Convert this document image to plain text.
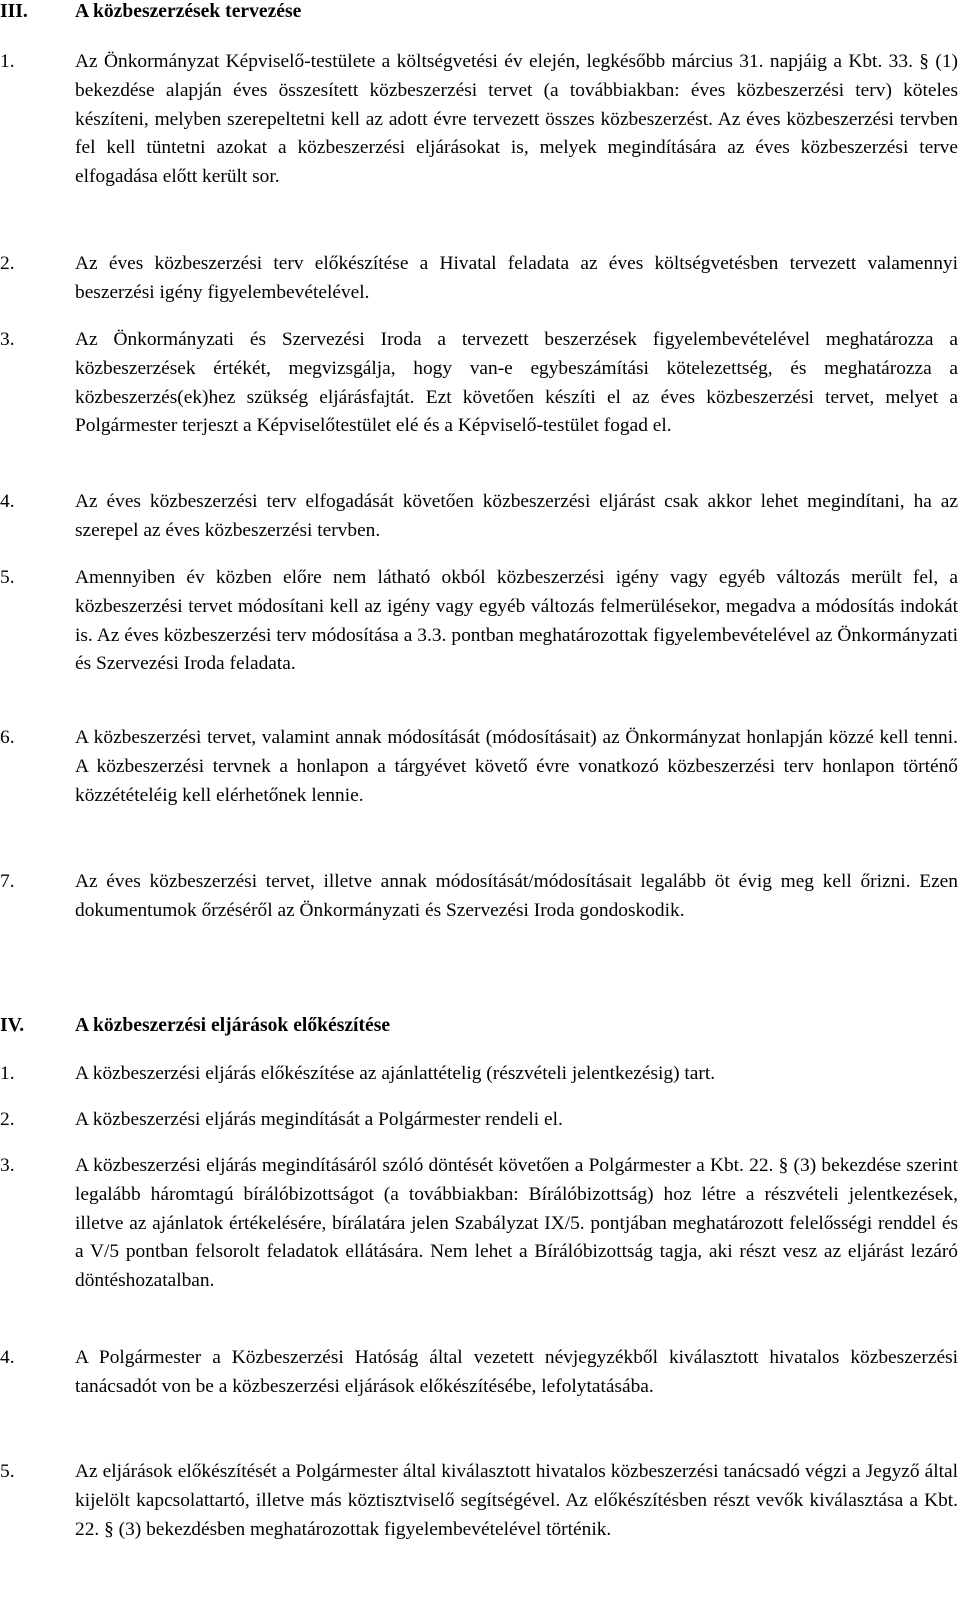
III. A közbeszerzések tervezése
1.	Az Önkormányzat Képviselő-testülete a költségvetési év elején, legkésőbb március 31. napjáig a Kbt. 33. § (1) bekezdése alapján éves összesített közbeszerzési tervet (a továbbiakban: éves közbeszerzési terv) köteles készíteni, melyben szerepeltetni kell az adott évre tervezett összes közbeszerzést. Az éves közbeszerzési tervben fel kell tüntetni azokat a közbeszerzési eljárásokat is, melyek megindítására az éves közbeszerzési terve elfogadása előtt került sor.
2.	Az éves közbeszerzési terv előkészítése a Hivatal feladata az éves költségvetésben tervezett valamennyi beszerzési igény figyelembevételével.
3.	Az Önkormányzati és Szervezési Iroda a tervezett beszerzések figyelembevételével meghatározza a közbeszerzések értékét, megvizsgálja, hogy van-e egybeszámítási kötelezettség, és meghatározza a közbeszerzés(ek)hez szükség eljárásfajtát. Ezt követően készíti el az éves közbeszerzési tervet, melyet a Polgármester terjeszt a Képviselőtestület elé és a Képviselő-testület fogad el.
4.	Az éves közbeszerzési terv elfogadását követően közbeszerzési eljárást csak akkor lehet megindítani, ha az szerepel az éves közbeszerzési tervben.
5.	Amennyiben év közben előre nem látható okból közbeszerzési igény vagy egyéb változás merült fel, a közbeszerzési tervet módosítani kell az igény vagy egyéb változás felmerülésekor, megadva a módosítás indokát is. Az éves közbeszerzési terv módosítása a 3.3. pontban meghatározottak figyelembevételével az Önkormányzati és Szervezési Iroda feladata.
6.	A közbeszerzési tervet, valamint annak módosítását (módosításait) az Önkormányzat honlapján közzé kell tenni. A közbeszerzési tervnek a honlapon a tárgyévet követő évre vonatkozó közbeszerzési terv honlapon történő közzétételéig kell elérhetőnek lennie.
7.	Az éves közbeszerzési tervet, illetve annak módosítását/módosításait legalább öt évig meg kell őrizni. Ezen dokumentumok őrzéséről az Önkormányzati és Szervezési Iroda gondoskodik.
IV.	A közbeszerzési eljárások előkészítése
1.	A közbeszerzési eljárás előkészítése az ajánlattételig (részvételi jelentkezésig) tart.
2.	A közbeszerzési eljárás megindítását a Polgármester rendeli el.
3.	A közbeszerzési eljárás megindításáról szóló döntését követően a Polgármester a Kbt. 22. § (3) bekezdése szerint legalább háromtagú bírálóbizottságot (a továbbiakban: Bírálóbizottság) hoz létre a részvételi jelentkezések, illetve az ajánlatok értékelésére, bírálatára jelen Szabályzat IX/5. pontjában meghatározott felelősségi renddel és a V/5 pontban felsorolt feladatok ellátására. Nem lehet a Bírálóbizottság tagja, aki részt vesz az eljárást lezáró döntéshozatalban.
4.	A Polgármester a Közbeszerzési Hatóság által vezetett névjegyzékből kiválasztott hivatalos közbeszerzési tanácsadót von be a közbeszerzési eljárások előkészítésébe, lefolytatásába.
5.	Az eljárások előkészítését a Polgármester által kiválasztott hivatalos közbeszerzési tanácsadó végzi a Jegyző által kijelölt kapcsolattartó, illetve más köztisztviselő segítségével. Az előkészítésben részt vevők kiválasztása a Kbt. 22. § (3) bekezdésben meghatározottak figyelembevételével történik.
